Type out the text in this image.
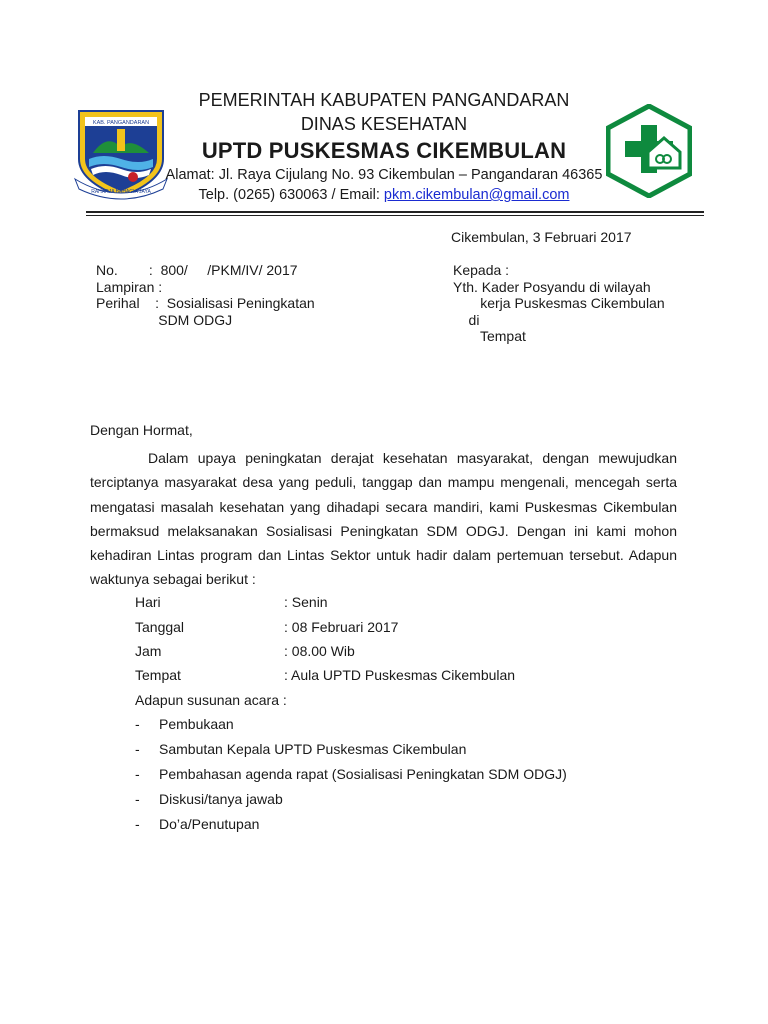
KAB. PANGANDARAN
RAHARJA BAHAGIA JAYA
PEMERINTAH KABUPATEN PANGANDARAN
DINAS KESEHATAN
UPTD PUSKESMAS CIKEMBULAN
Alamat: Jl. Raya Cijulang No. 93 Cikembulan – Pangandaran 46365
Telp. (0265) 630063 / Email: pkm.cikembulan@gmail.com
Cikembulan, 3 Februari 2017
No.        :  800/     /PKM/IV/ 2017
Lampiran :
Perihal    :  Sosialisasi Peningkatan
SDM ODGJ
Kepada :
Yth. Kader Posyandu di wilayah
kerja Puskesmas Cikembulan
di
Tempat
Dengan Hormat,
Dalam upaya peningkatan derajat kesehatan masyarakat, dengan mewujudkan terciptanya masyarakat desa yang peduli, tanggap dan mampu mengenali, mencegah serta mengatasi masalah kesehatan yang dihadapi secara mandiri, kami Puskesmas Cikembulan bermaksud melaksanakan Sosialisasi Peningkatan SDM ODGJ. Dengan ini kami mohon kehadiran Lintas program dan Lintas Sektor untuk hadir dalam pertemuan tersebut. Adapun waktunya sebagai berikut :
Hari	: Senin
Tanggal	: 08 Februari 2017
Jam	: 08.00 Wib
Tempat	: Aula UPTD Puskesmas Cikembulan
Adapun susunan acara :
- Pembukaan
- Sambutan Kepala UPTD Puskesmas Cikembulan
- Pembahasan agenda rapat (Sosialisasi Peningkatan SDM ODGJ)
- Diskusi/tanya jawab
- Do’a/Penutupan
